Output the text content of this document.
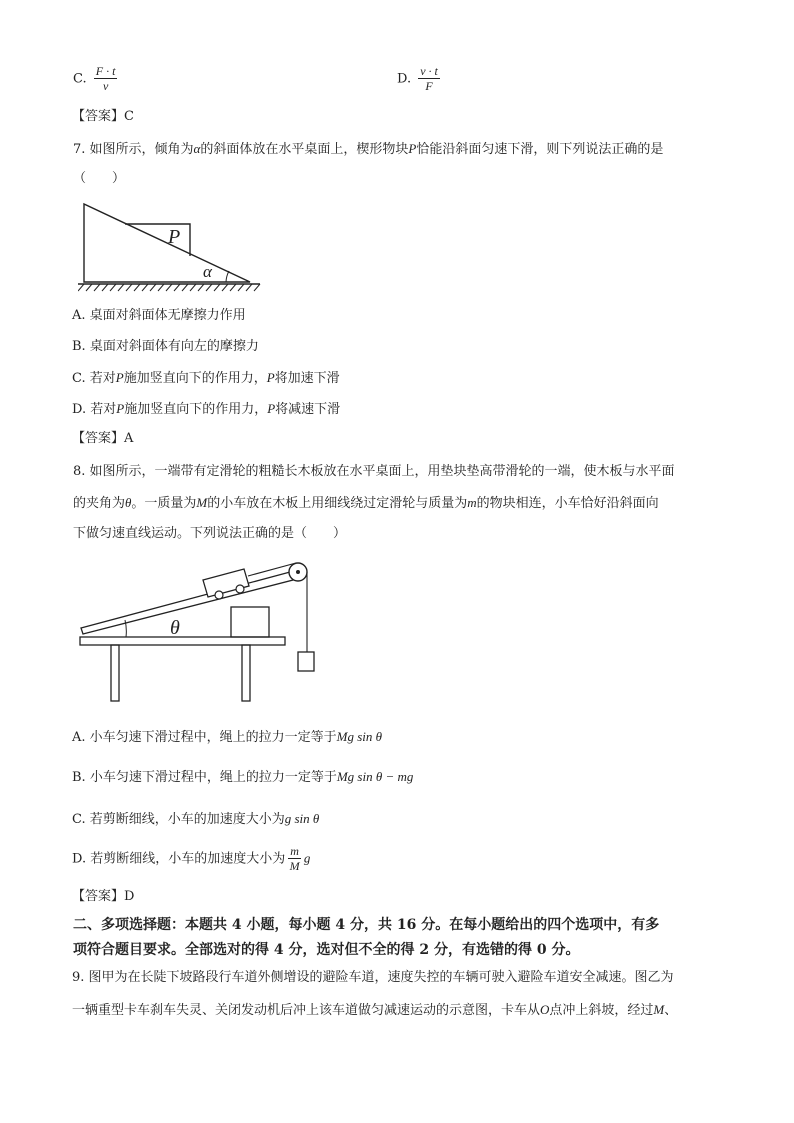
C. $\frac{F \cdot t}{v}$	D. $\frac{v \cdot t}{F}$
【答案】C
7. 如图所示，倾角为α的斜面体放在水平桌面上，楔形物块P恰能沿斜面匀速下滑，则下列说法正确的是
（　　）
P
α
A. 桌面对斜面体无摩擦力作用
B. 桌面对斜面体有向左的摩擦力
C. 若对P施加竖直向下的作用力，P将加速下滑
D. 若对P施加竖直向下的作用力，P将减速下滑
【答案】A
8. 如图所示，一端带有定滑轮的粗糙长木板放在水平桌面上，用垫块垫高带滑轮的一端，使木板与水平面
的夹角为θ。一质量为M的小车放在木板上用细线绕过定滑轮与质量为m的物块相连，小车恰好沿斜面向
下做匀速直线运动。下列说法正确的是（　　）
θ
A. 小车匀速下滑过程中，绳上的拉力一定等于Mg sin θ
B. 小车匀速下滑过程中，绳上的拉力一定等于Mg sin θ − mg
C. 若剪断细线，小车的加速度大小为g sin θ
D. 若剪断细线，小车的加速度大小为 $\frac{m}{M}$ g
【答案】D
二、多项选择题：本题共 4 小题，每小题 4 分，共 16 分。在每小题给出的四个选项中，有多
项符合题目要求。全部选对的得 4 分，选对但不全的得 2 分，有选错的得 0 分。
9. 图甲为在长陡下坡路段行车道外侧增设的避险车道，速度失控的车辆可驶入避险车道安全减速。图乙为
一辆重型卡车刹车失灵、关闭发动机后冲上该车道做匀减速运动的示意图，卡车从O点冲上斜坡，经过M、
